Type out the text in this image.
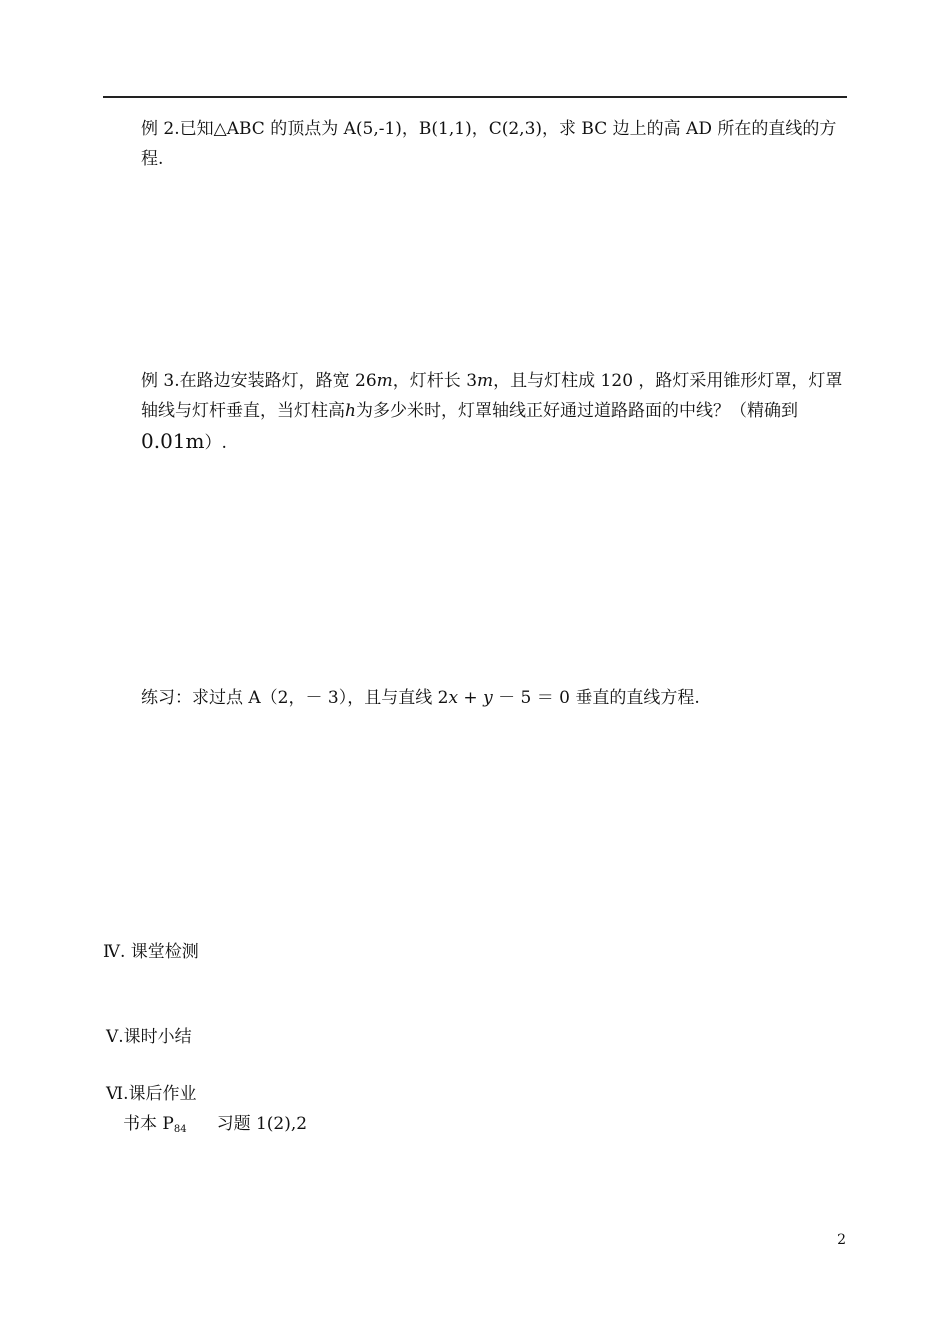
例 2.已知△ABC 的顶点为 A(5,-1)，B(1,1)，C(2,3)，求 BC 边上的高 AD 所在的直线的方程.

例 3.在路边安装路灯，路宽 26m，灯杆长 3m，且与灯柱成 120 ，路灯采用锥形灯罩，灯罩轴线与灯杆垂直，当灯柱高h为多少米时，灯罩轴线正好通过道路路面的中线？（精确到0.01m）.

练习：求过点 A（2，－ 3），且与直线 2x + y － 5 ＝ 0 垂直的直线方程.

Ⅳ. 课堂检测

Ⅴ.课时小结

Ⅵ.课后作业

书本 $P_{84}$ 习题 1(2),2

2
